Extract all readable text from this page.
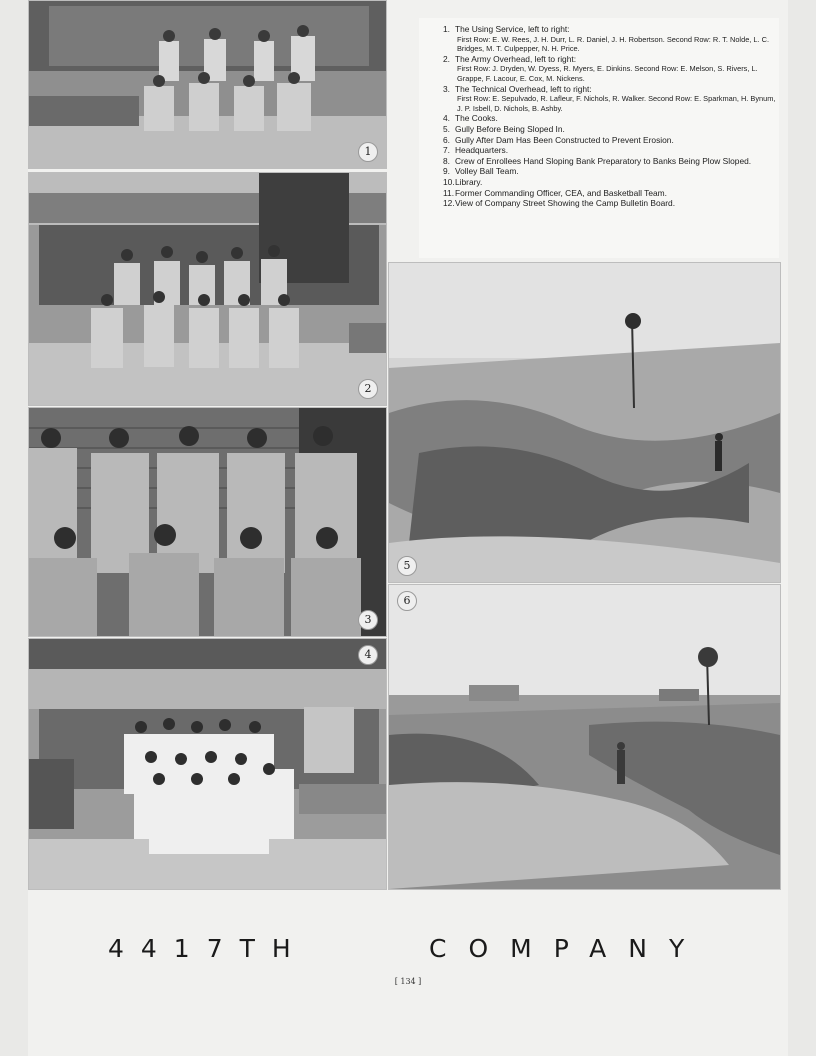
1
2
3
4
1. The Using Service, left to right:
First Row: E. W. Rees, J. H. Durr, L. R. Daniel, J. H. Robertson. Second Row: R. T. Nolde, L. C. Bridges, M. T. Culpepper, N. H. Price.
2. The Army Overhead, left to right:
First Row: J. Dryden, W. Dyess, R. Myers, E. Dinkins. Second Row: E. Melson, S. Rivers, L. Grappe, F. Lacour, E. Cox, M. Nickens.
3. The Technical Overhead, left to right:
First Row: E. Sepulvado, R. Lafleur, F. Nichols, R. Walker. Second Row: E. Sparkman, H. Bynum, J. P. Isbell, D. Nichols, B. Ashby.
4. The Cooks.
5. Gully Before Being Sloped In.
6. Gully After Dam Has Been Constructed to Prevent Erosion.
7. Headquarters.
8. Crew of Enrollees Hand Sloping Bank Preparatory to Banks Being Plow Sloped.
9. Volley Ball Team.
10.Library.
11.Former Commanding Officer, CEA, and Basketball Team.
12.View of Company Street Showing the Camp Bulletin Board.
5
6
4417TH	COMPANY
[ 134 ]
